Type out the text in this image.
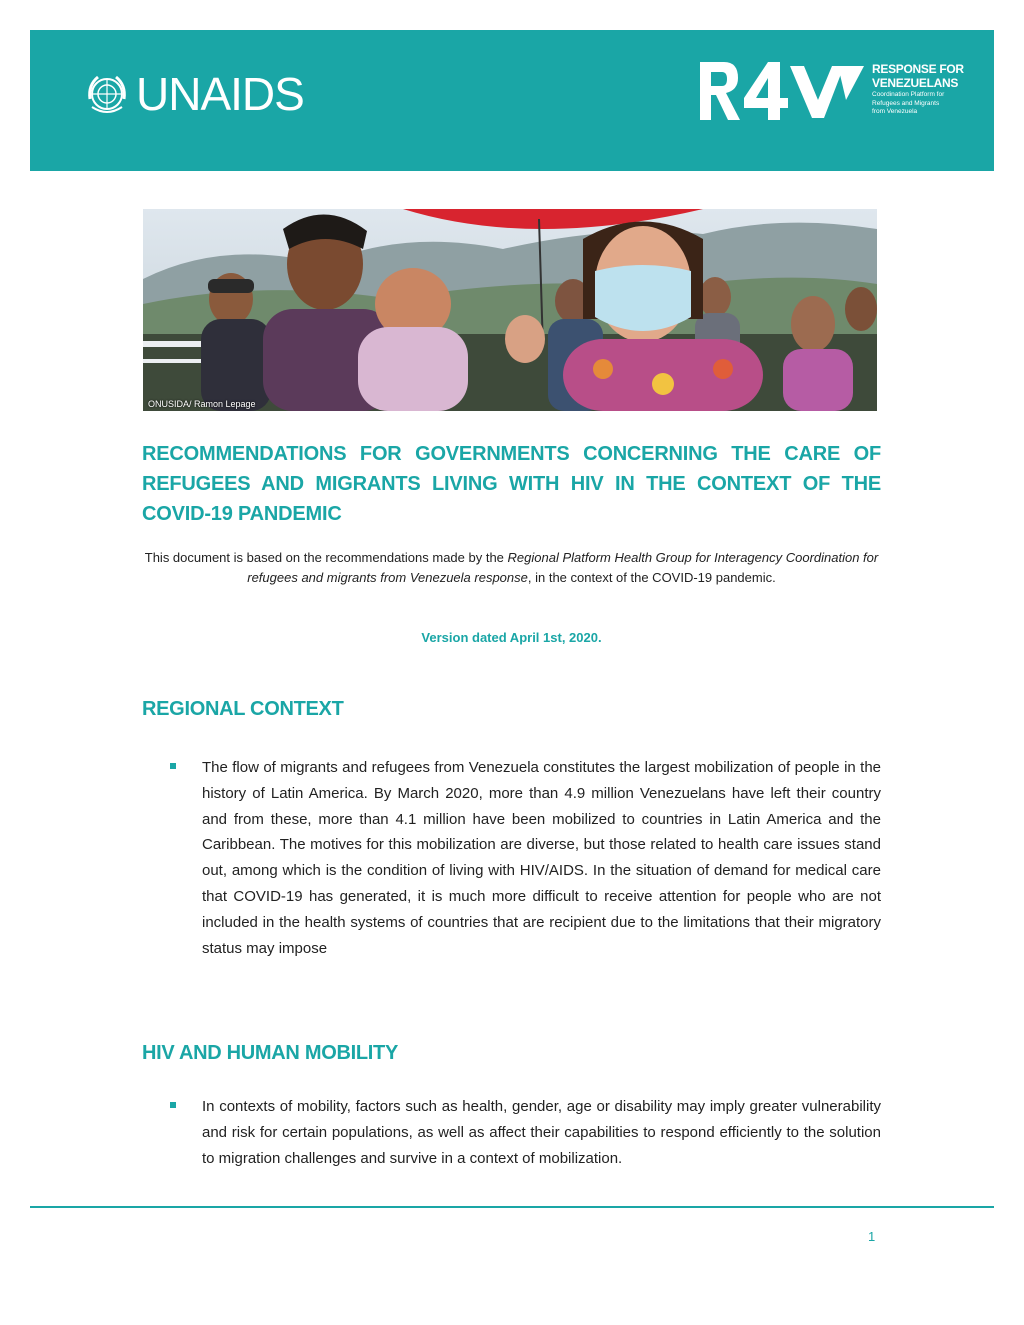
UNAIDS	RESPONSE FOR
VENEZUELANS
Coordination Platform for
Refugees and Migrants
from Venezuela
ONUSIDA/ Ramon Lepage
RECOMMENDATIONS FOR GOVERNMENTS CONCERNING THE CARE OF REFUGEES AND MIGRANTS LIVING WITH HIV IN THE CONTEXT OF THE COVID-19 PANDEMIC
This document is based on the recommendations made by the Regional Platform Health Group for Interagency Coordination for refugees and migrants from Venezuela response, in the context of the COVID-19 pandemic.
Version dated April 1st, 2020.
REGIONAL CONTEXT
The flow of migrants and refugees from Venezuela constitutes the largest mobilization of people in the history of Latin America. By March 2020, more than 4.9 million Venezuelans have left their country and from these, more than 4.1 million have been mobilized to countries in Latin America and the Caribbean. The motives for this mobilization are diverse, but those related to health care issues stand out, among which is the condition of living with HIV/AIDS. In the situation of demand for medical care that COVID-19 has generated, it is much more difficult to receive attention for people who are not included in the health systems of countries that are recipient due to the limitations that their migratory status may impose
HIV AND HUMAN MOBILITY
In contexts of mobility, factors such as health, gender, age or disability may imply greater vulnerability and risk for certain populations, as well as affect their capabilities to respond efficiently to the solution to migration challenges and survive in a context of mobilization.
1
